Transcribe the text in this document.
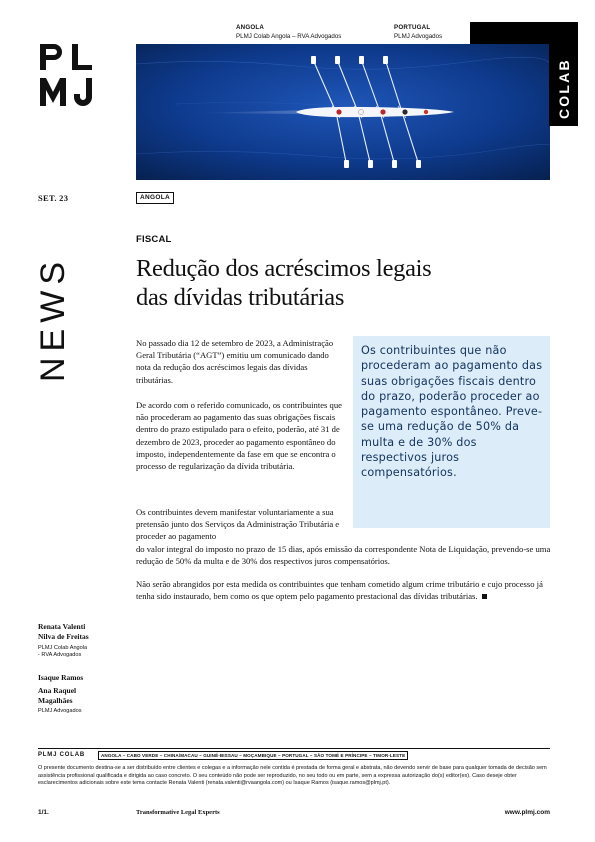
ANGOLA
PLMJ Colab Angola – RVA Advogados
PORTUGAL
PLMJ Advogados
COLAB
SET. 23	ANGOLA
NEWS
FISCAL
Redução dos acréscimos legais
das dívidas tributárias
No passado dia 12 de setembro de 2023, a Administração Geral Tributária (“AGT”) emitiu um comunicado dando nota da redução dos acréscimos legais das dívidas tributárias.
De acordo com o referido comunicado, os contribuintes que não procederam ao pagamento das suas obrigações fiscais dentro do prazo estipulado para o efeito, poderão, até 31 de dezembro de 2023, proceder ao pagamento espontâneo do imposto, independentemente da fase em que se encontra o processo de regularização da dívida tributária.
Os contribuintes devem manifestar voluntariamente a sua pretensão junto dos Serviços da Administração Tributária e proceder ao pagamento
do valor integral do imposto no prazo de 15 dias, após emissão da correspondente Nota de Liquidação, prevendo-se uma redução de 50% da multa e de 30% dos respectivos juros compensatórios.
Não serão abrangidos por esta medida os contribuintes que tenham cometido algum crime tributário e cujo processo já tenha sido instaurado, bem como os que optem pelo pagamento prestacional das dívidas tributárias.
Os contribuintes que não procederam ao pagamento das suas obrigações fiscais dentro do prazo, poderão proceder ao pagamento espontâneo. Preve-se uma redução de 50% da multa e de 30% dos respectivos juros compensatórios.
Renata Valenti
Nilva de Freitas
PLMJ Colab Angola
- RVA Advogados
Isaque Ramos
Ana Raquel
Magalhães
PLMJ Advogados
PLMJ COLAB	ANGOLA – CABO VERDE – CHINA/MACAU – GUINÉ-BISSAU – MOÇAMBIQUE – PORTUGAL – SÃO TOMÉ E PRÍNCIPE – TIMOR-LESTE
O presente documento destina-se a ser distribuído entre clientes e colegas e a informação nele contida é prestada de forma geral e abstrata, não devendo servir de base para qualquer tomada de decisão sem assistência profissional qualificada e dirigida ao caso concreto. O seu conteúdo não pode ser reproduzido, no seu todo ou em parte, sem a expressa autorização do(s) editor(es). Caso deseje obter esclarecimentos adicionais sobre este tema contacte Renata Valenti (renata.valenti@rvaangola.com) ou Isaque Ramos (isaque.ramos@plmj.pt).
1/1.	Transformative Legal Experts	www.plmj.com
